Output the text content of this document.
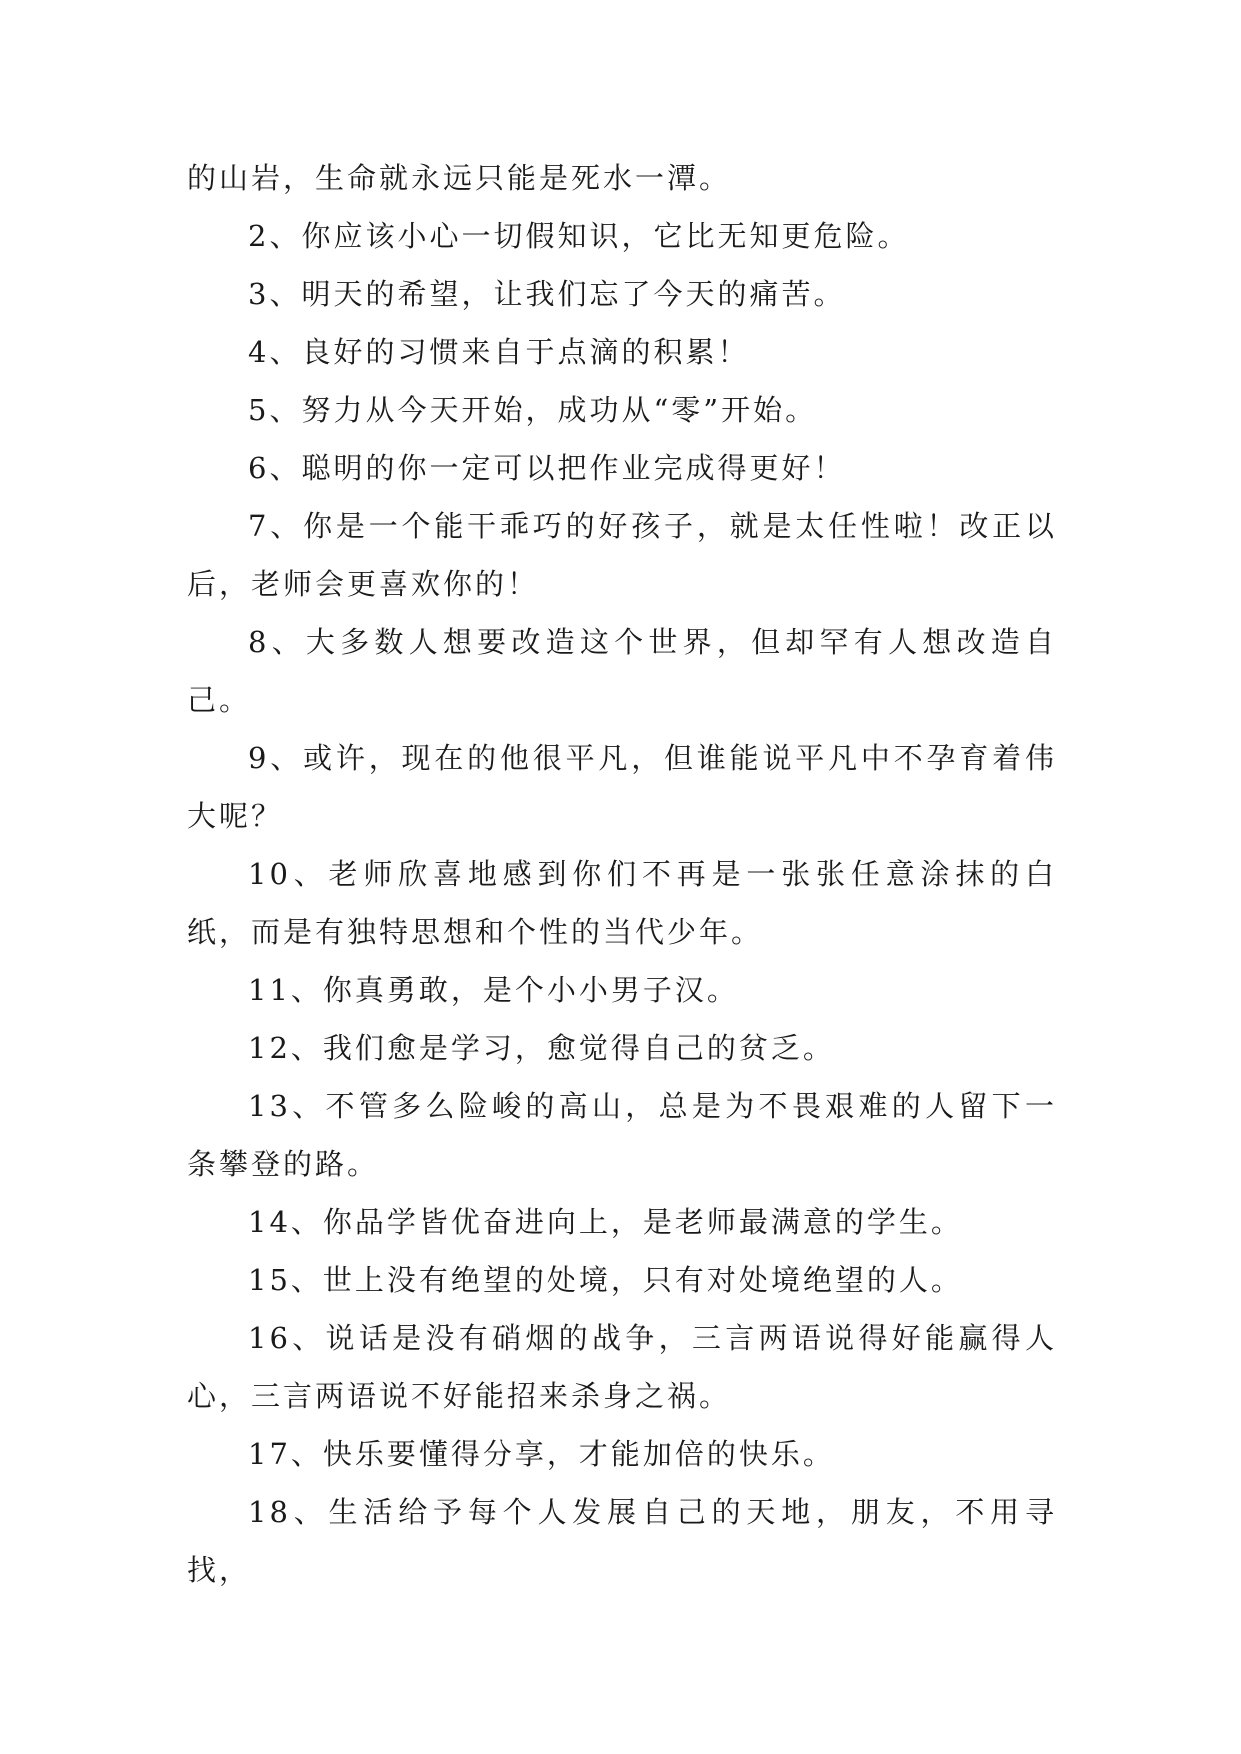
的山岩，生命就永远只能是死水一潭。

2、你应该小心一切假知识，它比无知更危险。

3、明天的希望，让我们忘了今天的痛苦。

4、良好的习惯来自于点滴的积累！

5、努力从今天开始，成功从“零”开始。

6、聪明的你一定可以把作业完成得更好！

7、你是一个能干乖巧的好孩子，就是太任性啦！改正以后，老师会更喜欢你的！

8、大多数人想要改造这个世界，但却罕有人想改造自己。

9、或许，现在的他很平凡，但谁能说平凡中不孕育着伟大呢？

10、老师欣喜地感到你们不再是一张张任意涂抹的白纸，而是有独特思想和个性的当代少年。

11、你真勇敢，是个小小男子汉。

12、我们愈是学习，愈觉得自己的贫乏。

13、不管多么险峻的高山，总是为不畏艰难的人留下一条攀登的路。

14、你品学皆优奋进向上，是老师最满意的学生。

15、世上没有绝望的处境，只有对处境绝望的人。

16、说话是没有硝烟的战争，三言两语说得好能赢得人心，三言两语说不好能招来杀身之祸。

17、快乐要懂得分享，才能加倍的快乐。

18、生活给予每个人发展自己的天地，朋友，不用寻找，
